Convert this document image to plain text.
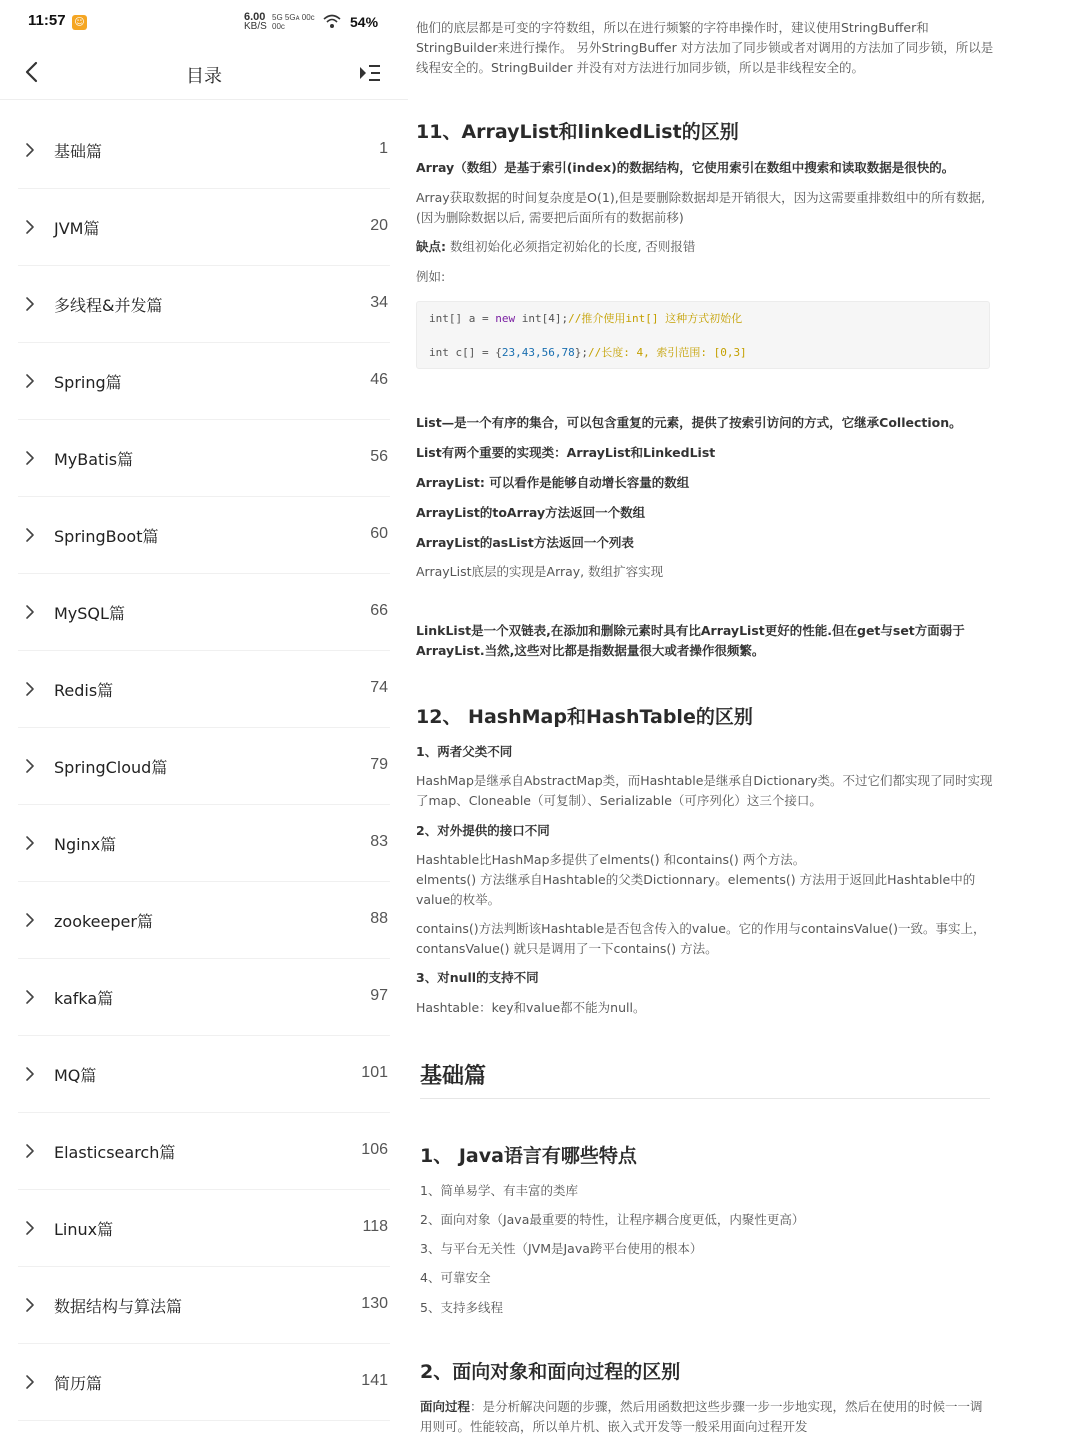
11:57 ☺	6.00
KB/S
5G 5Gᴀ 00ᴄ 00ᴄ	54%
目录
基础篇	1
JVM篇	20
多线程&并发篇	34
Spring篇	46
MyBatis篇	56
SpringBoot篇	60
MySQL篇	66
Redis篇	74
SpringCloud篇	79
Nginx篇	83
zookeeper篇	88
kafka篇	97
MQ篇	101
Elasticsearch篇	106
Linux篇	118
数据结构与算法篇	130
简历篇	141
他们的底层都是可变的字符数组，所以在进行频繁的字符串操作时，建议使用StringBuffer和
StringBuilder来进行操作。 另外StringBuffer 对方法加了同步锁或者对调用的方法加了同步锁，所以是
线程安全的。StringBuilder 并没有对方法进行加同步锁，所以是非线程安全的。
11、ArrayList和linkedList的区别
Array（数组）是基于索引(index)的数据结构，它使用索引在数组中搜索和读取数据是很快的。
Array获取数据的时间复杂度是O(1),但是要删除数据却是开销很大，因为这需要重排数组中的所有数据,
(因为删除数据以后, 需要把后面所有的数据前移)
缺点: 数组初始化必须指定初始化的长度, 否则报错
例如:
int[] a = new int[4];//推介使用int[] 这种方式初始化
int c[] = {23,43,56,78};//长度: 4, 索引范围: [0,3]
List—是一个有序的集合，可以包含重复的元素，提供了按索引访问的方式，它继承Collection。
List有两个重要的实现类：ArrayList和LinkedList
ArrayList: 可以看作是能够自动增长容量的数组
ArrayList的toArray方法返回一个数组
ArrayList的asList方法返回一个列表
ArrayList底层的实现是Array, 数组扩容实现
LinkList是一个双链表,在添加和删除元素时具有比ArrayList更好的性能.但在get与set方面弱于
ArrayList.当然,这些对比都是指数据量很大或者操作很频繁。
12、 HashMap和HashTable的区别
1、两者父类不同
HashMap是继承自AbstractMap类，而Hashtable是继承自Dictionary类。不过它们都实现了同时实现
了map、Cloneable（可复制）、Serializable（可序列化）这三个接口。
2、对外提供的接口不同
Hashtable比HashMap多提供了elments() 和contains() 两个方法。
elments() 方法继承自Hashtable的父类Dictionnary。elements() 方法用于返回此Hashtable中的
value的枚举。
contains()方法判断该Hashtable是否包含传入的value。它的作用与containsValue()一致。事实上，
contansValue() 就只是调用了一下contains() 方法。
3、对null的支持不同
Hashtable：key和value都不能为null。
基础篇
1、 Java语言有哪些特点
1、简单易学、有丰富的类库
2、面向对象（Java最重要的特性，让程序耦合度更低，内聚性更高）
3、与平台无关性（JVM是Java跨平台使用的根本）
4、可靠安全
5、支持多线程
2、面向对象和面向过程的区别
面向过程：是分析解决问题的步骤，然后用函数把这些步骤一步一步地实现，然后在使用的时候一一调
用则可。性能较高，所以单片机、嵌入式开发等一般采用面向过程开发
